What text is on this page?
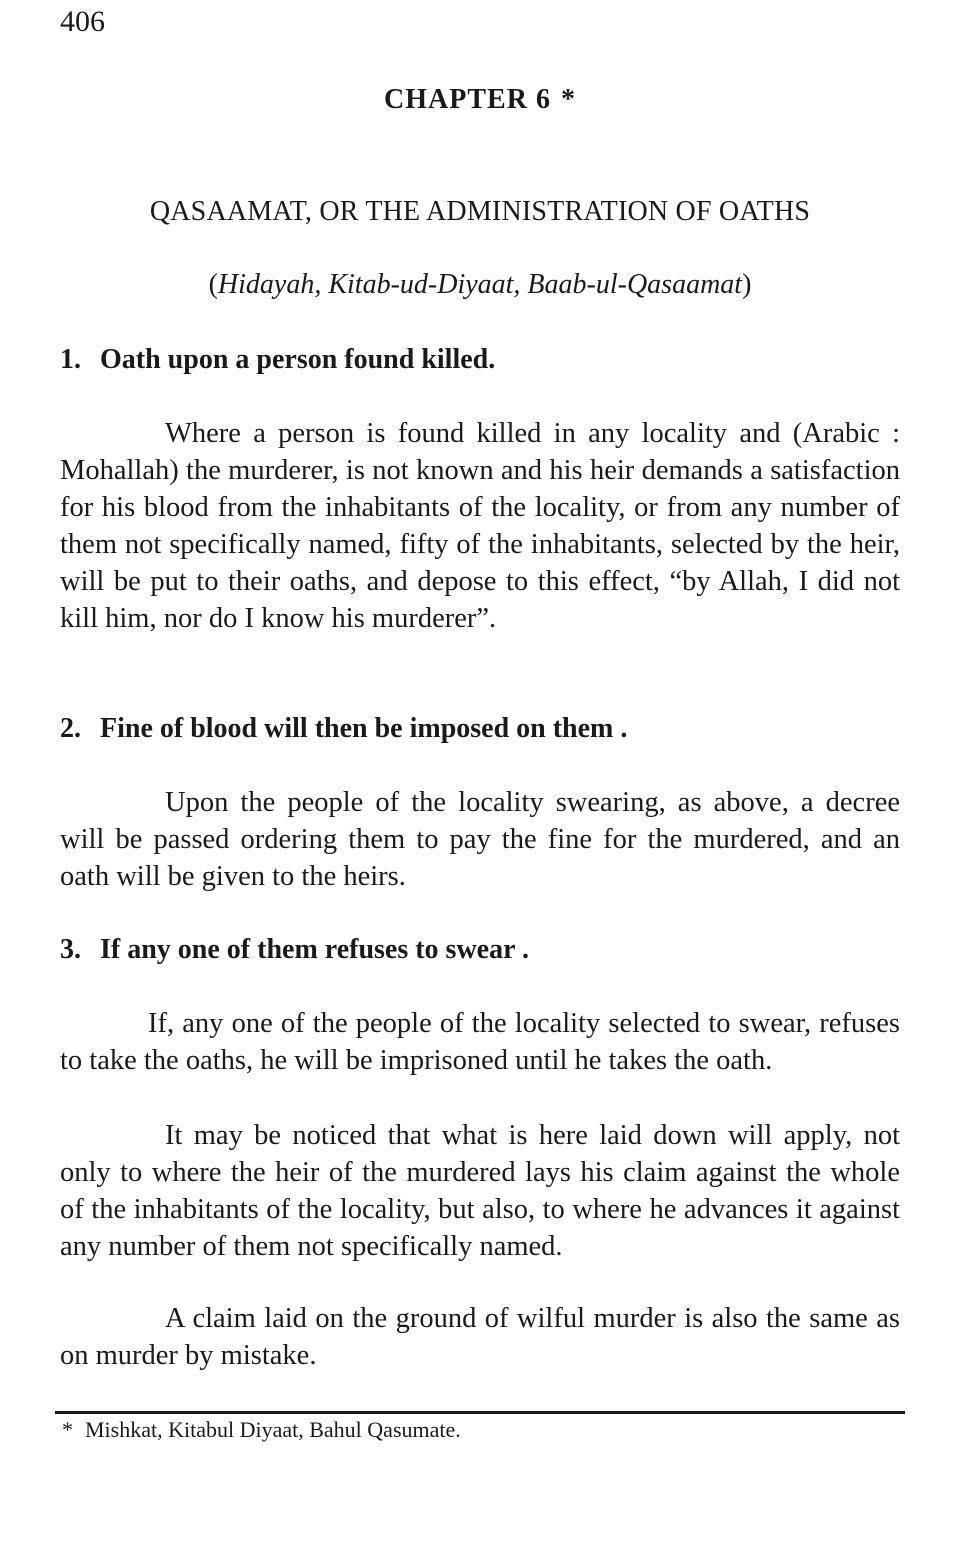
406
CHAPTER 6 *
QASAAMAT, OR THE ADMINISTRATION OF OATHS
(Hidayah, Kitab-ud-Diyaat, Baab-ul-Qasaamat)
1. Oath upon a person found killed.

Where a person is found killed in any locality and (Arabic : Mohallah) the murderer, is not known and his heir demands a satisfaction for his blood from the inhabitants of the locality, or from any number of them not specifically named, fifty of the inhabitants, selected by the heir, will be put to their oaths, and depose to this effect, “by Allah, I did not kill him, nor do I know his murderer”.

2. Fine of blood will then be imposed on them .

Upon the people of the locality swearing, as above, a decree will be passed ordering them to pay the fine for the murdered, and an oath will be given to the heirs.

3. If any one of them refuses to swear .

If, any one of the people of the locality selected to swear, refuses to take the oaths, he will be imprisoned until he takes the oath.

It may be noticed that what is here laid down will apply, not only to where the heir of the murdered lays his claim against the whole of the inhabitants of the locality, but also, to where he advances it against any number of them not specifically named.

A claim laid on the ground of wilful murder is also the same as on murder by mistake.

* Mishkat, Kitabul Diyaat, Bahul Qasumate.
